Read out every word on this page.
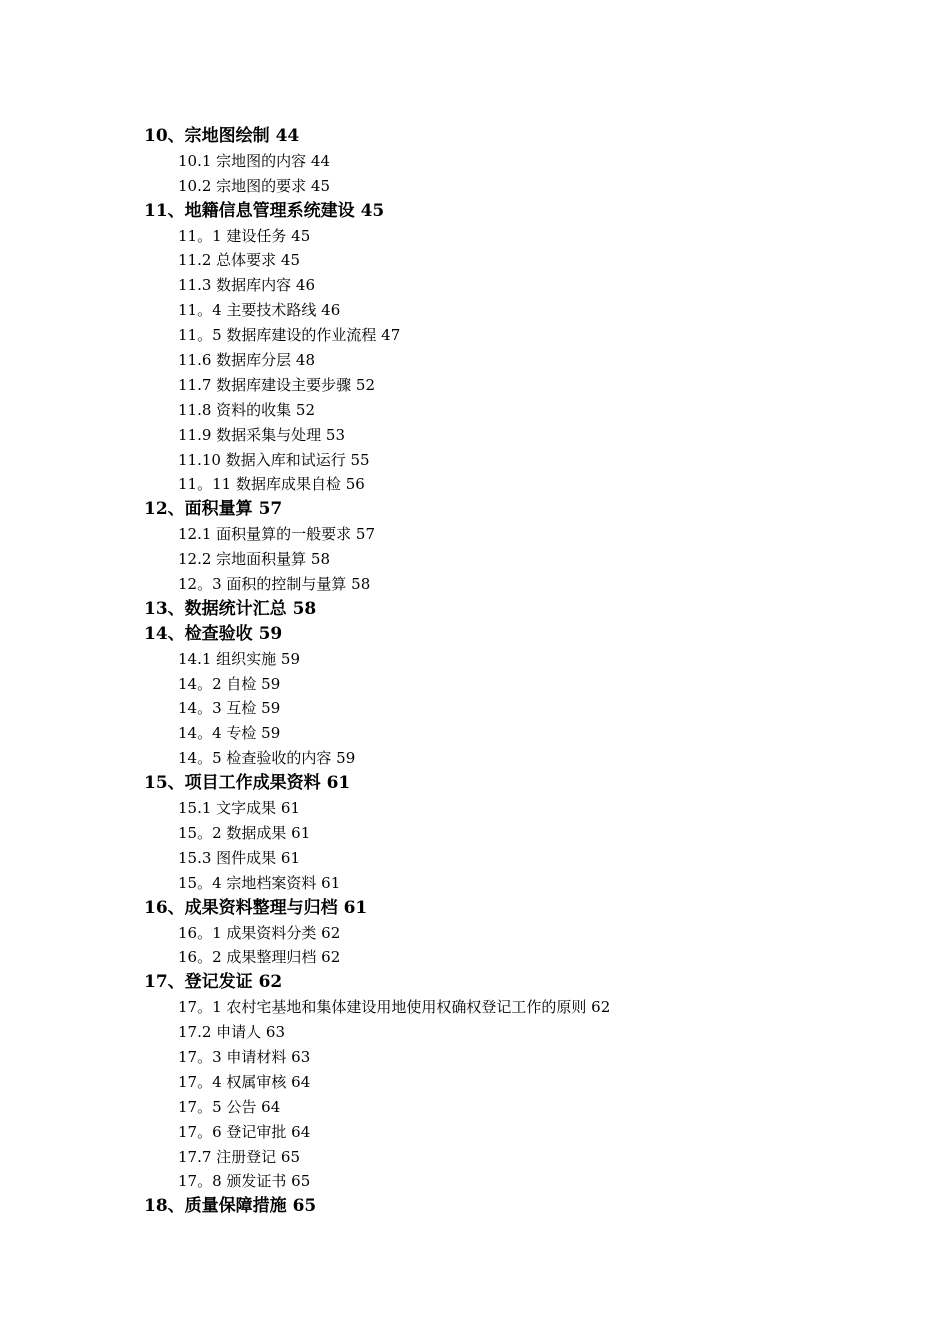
10、宗地图绘制 44
10.1 宗地图的内容 44
10.2 宗地图的要求 45
11、地籍信息管理系统建设 45
11。1 建设任务 45
11.2 总体要求 45
11.3 数据库内容 46
11。4 主要技术路线 46
11。5 数据库建设的作业流程 47
11.6 数据库分层 48
11.7 数据库建设主要步骤 52
11.8 资料的收集 52
11.9 数据采集与处理 53
11.10 数据入库和试运行 55
11。11 数据库成果自检 56
12、面积量算 57
12.1 面积量算的一般要求 57
12.2 宗地面积量算 58
12。3 面积的控制与量算 58
13、数据统计汇总 58
14、检查验收 59
14.1 组织实施 59
14。2 自检 59
14。3 互检 59
14。4 专检 59
14。5 检查验收的内容 59
15、项目工作成果资料 61
15.1 文字成果 61
15。2 数据成果 61
15.3 图件成果 61
15。4 宗地档案资料 61
16、成果资料整理与归档 61
16。1 成果资料分类 62
16。2 成果整理归档 62
17、登记发证 62
17。1 农村宅基地和集体建设用地使用权确权登记工作的原则 62
17.2 申请人 63
17。3 申请材料 63
17。4 权属审核 64
17。5 公告 64
17。6 登记审批 64
17.7 注册登记 65
17。8 颁发证书 65
18、质量保障措施 65
